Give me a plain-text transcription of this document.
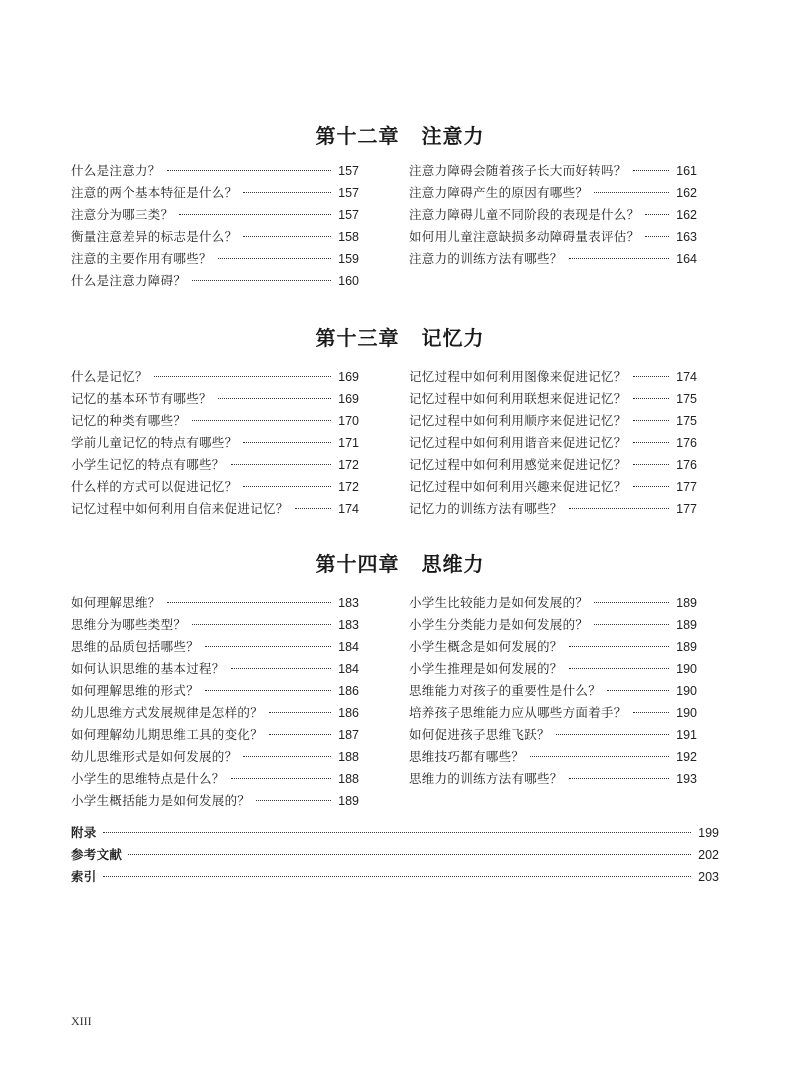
第十二章 注意力
什么是注意力？	157
注意的两个基本特征是什么？	157
注意分为哪三类？	157
衡量注意差异的标志是什么？	158
注意的主要作用有哪些？	159
什么是注意力障碍？	160
注意力障碍会随着孩子长大而好转吗？	161
注意力障碍产生的原因有哪些？	162
注意力障碍儿童不同阶段的表现是什么？	162
如何用儿童注意缺损多动障碍量表评估？	163
注意力的训练方法有哪些？	164
第十三章 记忆力
什么是记忆？	169
记忆的基本环节有哪些？	169
记忆的种类有哪些？	170
学前儿童记忆的特点有哪些？	171
小学生记忆的特点有哪些？	172
什么样的方式可以促进记忆？	172
记忆过程中如何利用自信来促进记忆？	174
记忆过程中如何利用图像来促进记忆？	174
记忆过程中如何利用联想来促进记忆？	175
记忆过程中如何利用顺序来促进记忆？	175
记忆过程中如何利用谐音来促进记忆？	176
记忆过程中如何利用感觉来促进记忆？	176
记忆过程中如何利用兴趣来促进记忆？	177
记忆力的训练方法有哪些？	177
第十四章 思维力
如何理解思维？	183
思维分为哪些类型？	183
思维的品质包括哪些？	184
如何认识思维的基本过程？	184
如何理解思维的形式？	186
幼儿思维方式发展规律是怎样的？	186
如何理解幼儿期思维工具的变化？	187
幼儿思维形式是如何发展的？	188
小学生的思维特点是什么？	188
小学生概括能力是如何发展的？	189
小学生比较能力是如何发展的？	189
小学生分类能力是如何发展的？	189
小学生概念是如何发展的？	189
小学生推理是如何发展的？	190
思维能力对孩子的重要性是什么？	190
培养孩子思维能力应从哪些方面着手？	190
如何促进孩子思维飞跃？	191
思维技巧都有哪些？	192
思维力的训练方法有哪些？	193
附录	199
参考文献	202
索引	203
XIII
